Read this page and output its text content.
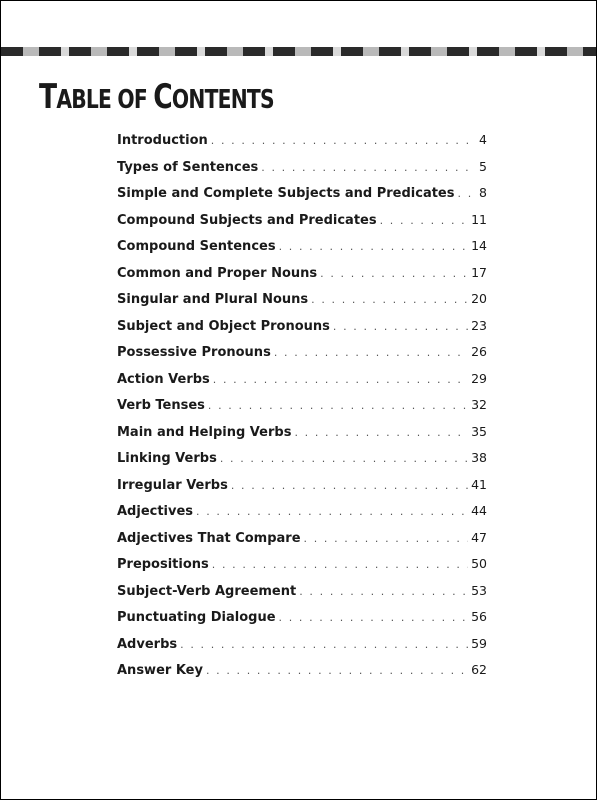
TABLE OF CONTENTS
Introduction . . .	4
Types of Sentences . . .	5
Simple and Complete Subjects and Predicates . . . 8
Compound Subjects and Predicates . . .	11
Compound Sentences . . .	14
Common and Proper Nouns . . .	17
Singular and Plural Nouns . . .	20
Subject and Object Pronouns . . .	23
Possessive Pronouns . . .	26
Action Verbs . . .	29
Verb Tenses . . .	32
Main and Helping Verbs . . .	35
Linking Verbs . . .	38
Irregular Verbs . . .	41
Adjectives . . .	44
Adjectives That Compare . . .	47
Prepositions . . .	50
Subject-Verb Agreement . . .	53
Punctuating Dialogue . . .	56
Adverbs . . .	59
Answer Key . . .	62
